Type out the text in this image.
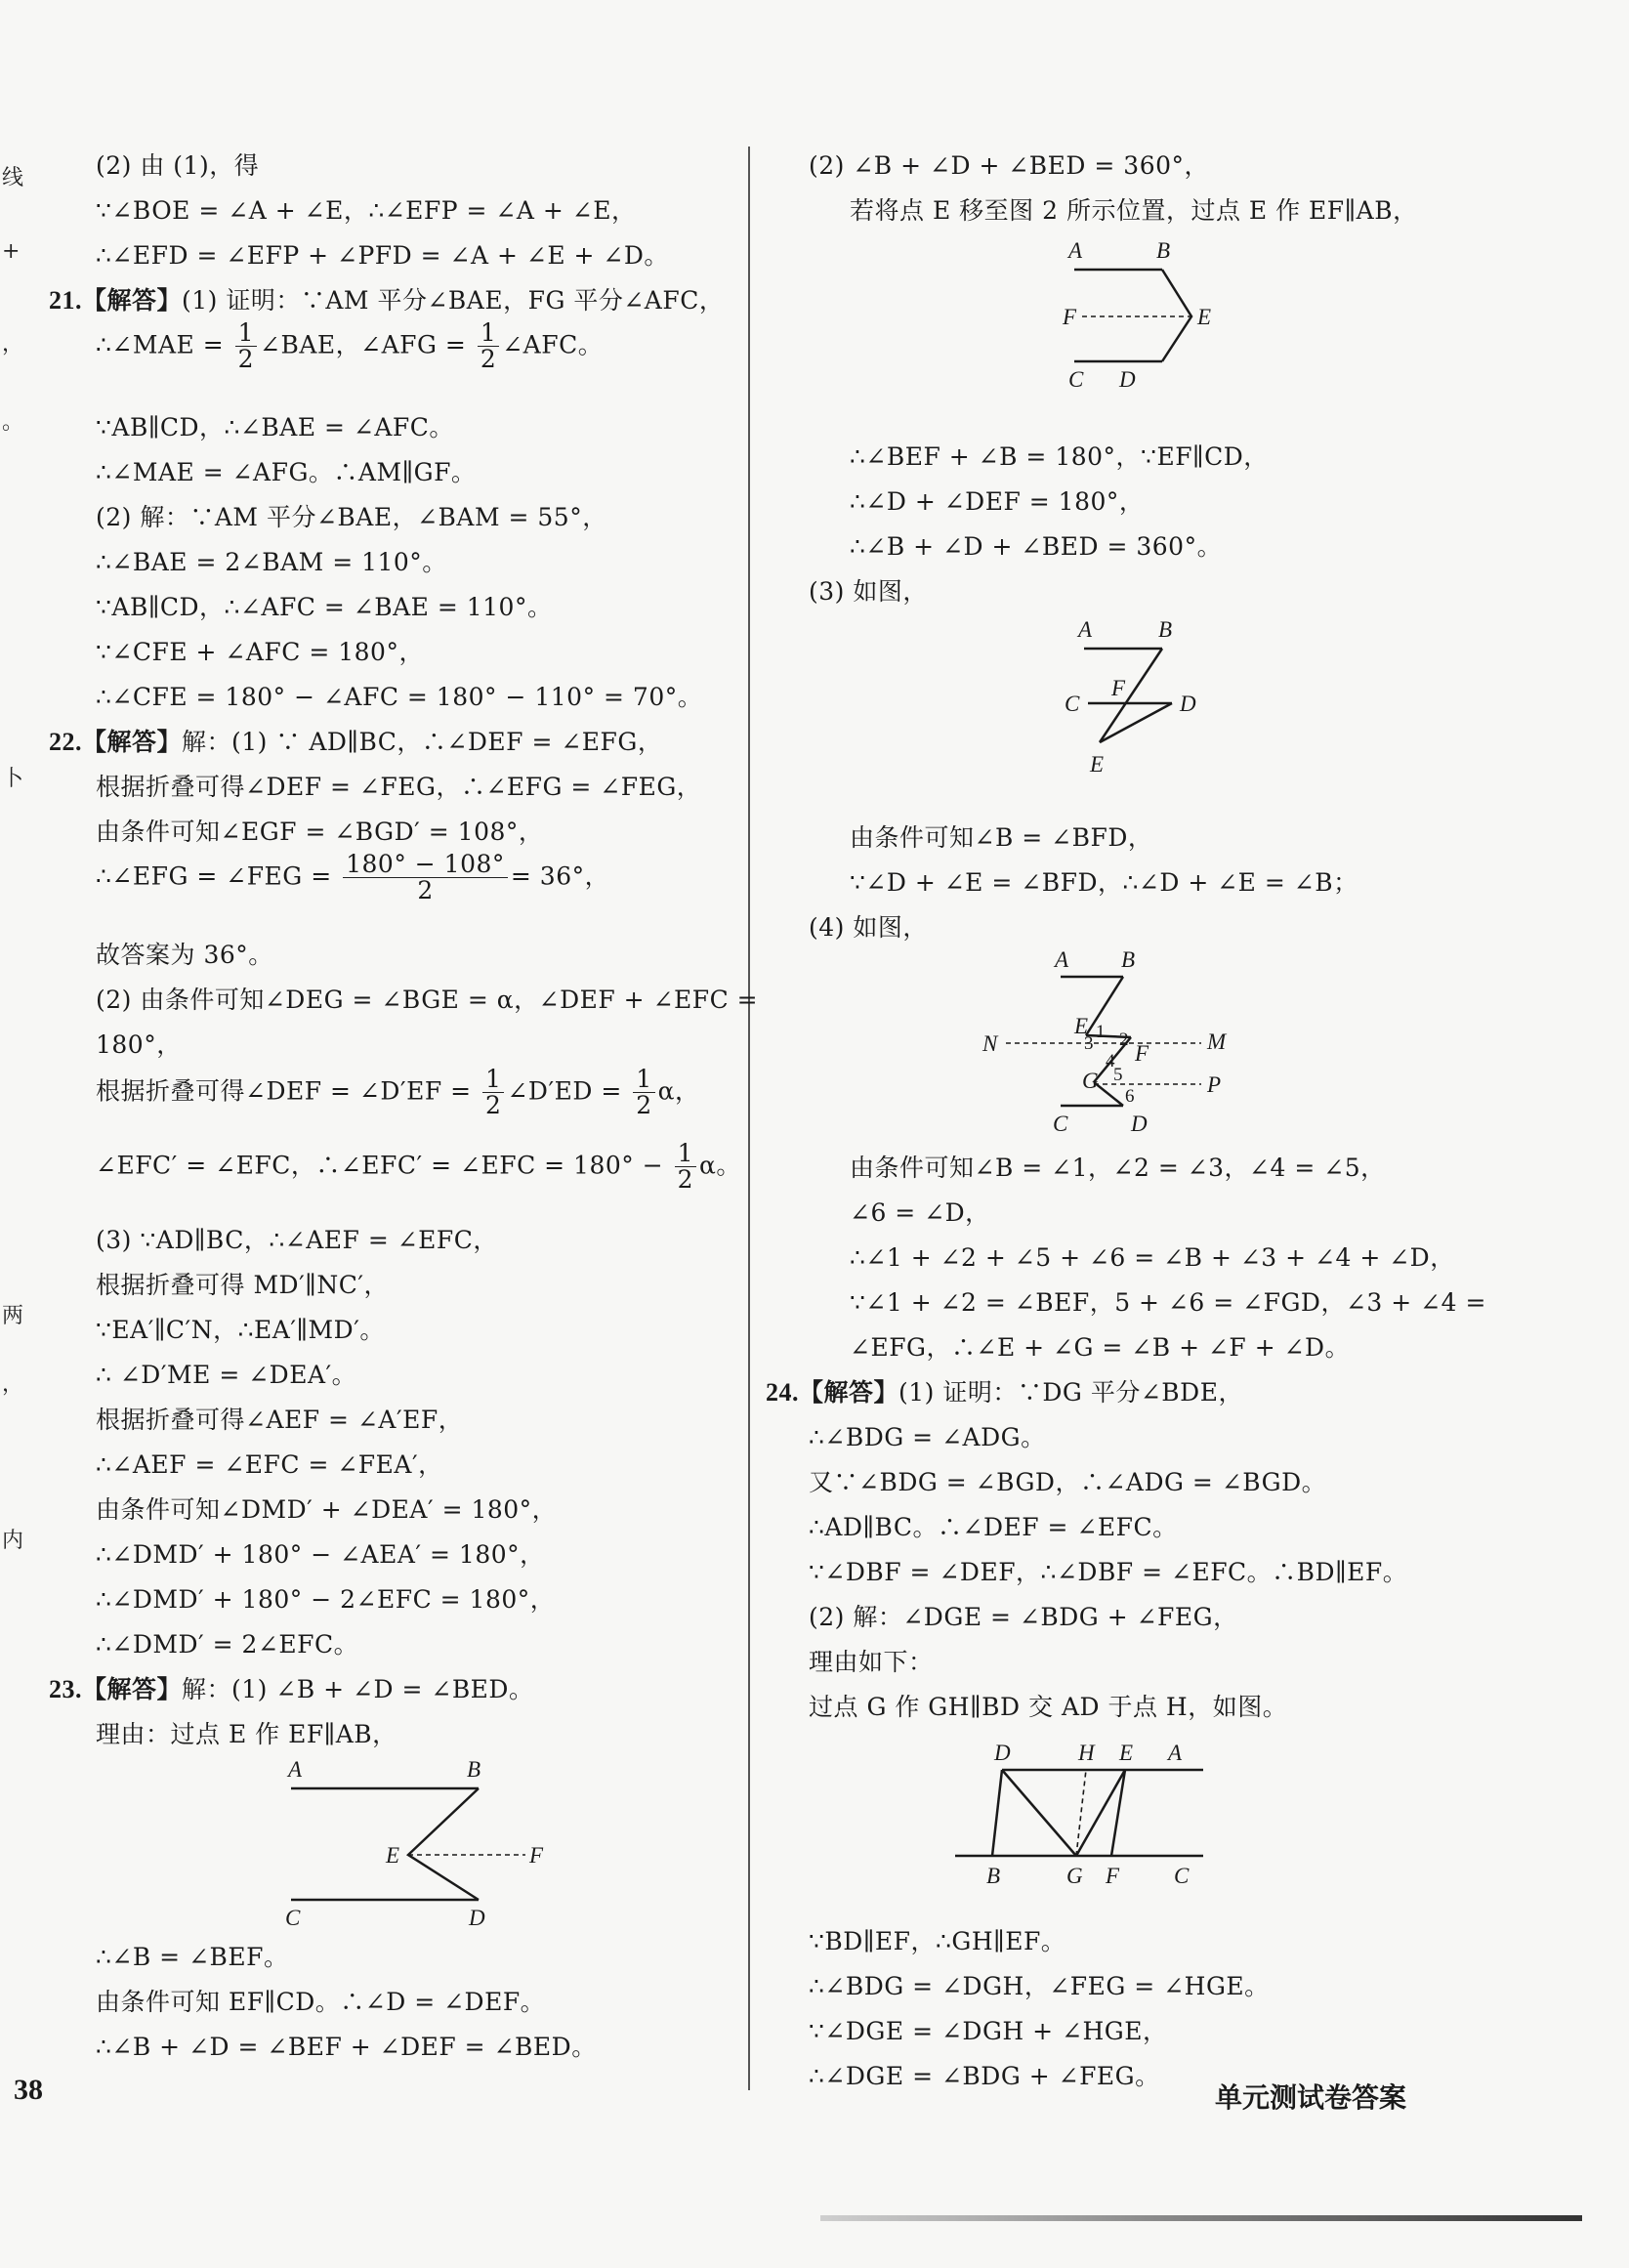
线
+
，
。
卜
两
，
内
(2) 由 (1)，得
∵∠BOE = ∠A + ∠E，∴∠EFP = ∠A + ∠E，
∴∠EFD = ∠EFP + ∠PFD = ∠A + ∠E + ∠D。
21.【解答】(1) 证明：∵AM 平分∠BAE，FG 平分∠AFC，
∴∠MAE = $\frac{1}{2}$ ∠BAE，∠AFG = $\frac{1}{2}$ ∠AFC。
∵AB∥CD，∴∠BAE = ∠AFC。
∴∠MAE = ∠AFG。∴AM∥GF。
(2) 解：∵AM 平分∠BAE，∠BAM = 55°，
∴∠BAE = 2∠BAM = 110°。
∵AB∥CD，∴∠AFC = ∠BAE = 110°。
∵∠CFE + ∠AFC = 180°，
∴∠CFE = 180° − ∠AFC = 180° − 110° = 70°。
22.【解答】解：(1) ∵ AD∥BC，∴∠DEF = ∠EFG，
根据折叠可得∠DEF = ∠FEG，∴∠EFG = ∠FEG，
由条件可知∠EGF = ∠BGD′ = 108°，
∴∠EFG = ∠FEG = $\frac{180^\circ - 108^\circ}{2} = 36^\circ$，
故答案为 36°。
(2) 由条件可知∠DEG = ∠BGE = α，∠DEF + ∠EFC =
180°，
根据折叠可得∠DEF = ∠D′EF = $\frac{1}{2}$ ∠D′ED = $\frac{1}{2}$ α，
∠EFC′ = ∠EFC，∴∠EFC′ = ∠EFC = $180^\circ - \frac{1}{2}$ α。
(3) ∵AD∥BC，∴∠AEF = ∠EFC，
根据折叠可得 MD′∥NC′，
∵EA′∥C′N，∴EA′∥MD′。
∴ ∠D′ME = ∠DEA′。
根据折叠可得∠AEF = ∠A′EF，
∴∠AEF = ∠EFC = ∠FEA′，
由条件可知∠DMD′ + ∠DEA′ = 180°，
∴∠DMD′ + 180° − ∠AEA′ = 180°，
∴∠DMD′ + 180° − 2∠EFC = 180°，
∴∠DMD′ = 2∠EFC。
23.【解答】解：(1) ∠B + ∠D = ∠BED。
理由：过点 E 作 EF∥AB，
A	B
E	F
C	D
∴∠B = ∠BEF。
由条件可知 EF∥CD。∴∠D = ∠DEF。
∴∠B + ∠D = ∠BEF + ∠DEF = ∠BED。
(2) ∠B + ∠D + ∠BED = 360°，
若将点 E 移至图 2 所示位置，过点 E 作 EF∥AB，
A	B
F	E
C D
∴∠BEF + ∠B = 180°，∵EF∥CD，
∴∠D + ∠DEF = 180°，
∴∠B + ∠D + ∠BED = 360°。
(3) 如图，
A	B
F
C	D
E
由条件可知∠B = ∠BFD，
∵∠D + ∠E = ∠BFD，∴∠D + ∠E = ∠B；
(4) 如图，
A B
E 1 2	M
N	3 F
4
5
G
6	P
C	D
由条件可知∠B = ∠1，∠2 = ∠3，∠4 = ∠5，
∠6 = ∠D，
∴∠1 + ∠2 + ∠5 + ∠6 = ∠B + ∠3 + ∠4 + ∠D，
∵∠1 + ∠2 = ∠BEF，5 + ∠6 = ∠FGD，∠3 + ∠4 =
∠EFG，∴∠E + ∠G = ∠B + ∠F + ∠D。
24.【解答】(1) 证明：∵DG 平分∠BDE，
∴∠BDG = ∠ADG。
又∵∠BDG = ∠BGD，∴∠ADG = ∠BGD。
∴AD∥BC。∴∠DEF = ∠EFC。
∵∠DBF = ∠DEF，∴∠DBF = ∠EFC。∴BD∥EF。
(2) 解：∠DGE = ∠BDG + ∠FEG，
理由如下：
过点 G 作 GH∥BD 交 AD 于点 H，如图。
D	H E A
B	G F C
∵BD∥EF，∴GH∥EF。
∴∠BDG = ∠DGH，∠FEG = ∠HGE。
∵∠DGE = ∠DGH + ∠HGE，
∴∠DGE = ∠BDG + ∠FEG。
38	单元测试卷答案
